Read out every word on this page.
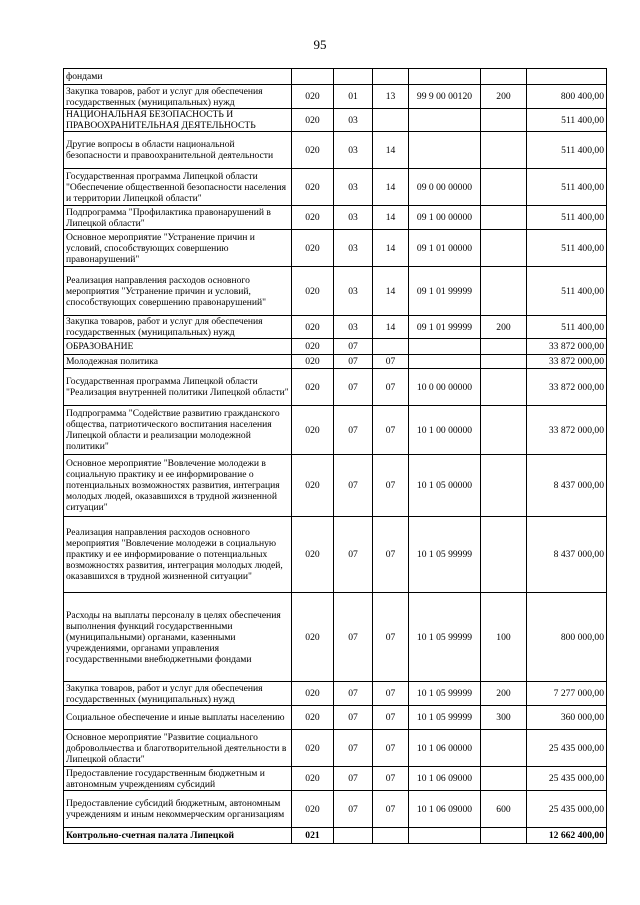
95
фондами						
Закупка товаров, работ и услуг для обеспечения государственных (муниципальных) нужд	020	01	13	99 9 00 00120	200	800 400,00
НАЦИОНАЛЬНАЯ БЕЗОПАСНОСТЬ И ПРАВООХРАНИТЕЛЬНАЯ ДЕЯТЕЛЬНОСТЬ	020	03				511 400,00
Другие вопросы в области национальной безопасности и правоохранительной деятельности	020	03	14			511 400,00
Государственная программа Липецкой области "Обеспечение общественной безопасности населения и территории Липецкой области"	020	03	14	09 0 00 00000		511 400,00
Подпрограмма "Профилактика правонарушений в Липецкой области"	020	03	14	09 1 00 00000		511 400,00
Основное мероприятие "Устранение причин и условий, способствующих совершению правонарушений"	020	03	14	09 1 01 00000		511 400,00
Реализация направления расходов основного мероприятия "Устранение причин и условий, способствующих совершению правонарушений"	020	03	14	09 1 01 99999		511 400,00
Закупка товаров, работ и услуг для обеспечения государственных (муниципальных) нужд	020	03	14	09 1 01 99999	200	511 400,00
ОБРАЗОВАНИЕ	020	07				33 872 000,00
Молодежная политика	020	07	07			33 872 000,00
Государственная программа Липецкой области "Реализация внутренней политики Липецкой области"	020	07	07	10 0 00 00000		33 872 000,00
Подпрограмма "Содействие развитию гражданского общества, патриотического воспитания населения Липецкой области и реализации молодежной политики"	020	07	07	10 1 00 00000		33 872 000,00
Основное мероприятие "Вовлечение молодежи в социальную практику и ее информирование о потенциальных возможностях развития, интеграция молодых людей, оказавшихся в трудной жизненной ситуации"	020	07	07	10 1 05 00000		8 437 000,00
Реализация направления расходов основного мероприятия "Вовлечение молодежи в социальную практику и ее информирование о потенциальных возможностях развития, интеграция молодых людей, оказавшихся в трудной жизненной ситуации"	020	07	07	10 1 05 99999		8 437 000,00
Расходы на выплаты персоналу в целях обеспечения выполнения функций государственными (муниципальными) органами, казенными учреждениями, органами управления государственными внебюджетными фондами	020	07	07	10 1 05 99999	100	800 000,00
Закупка товаров, работ и услуг для обеспечения государственных (муниципальных) нужд	020	07	07	10 1 05 99999	200	7 277 000,00
Социальное обеспечение и иные выплаты населению	020	07	07	10 1 05 99999	300	360 000,00
Основное мероприятие "Развитие социального добровольчества и благотворительной деятельности в Липецкой области"	020	07	07	10 1 06 00000		25 435 000,00
Предоставление государственным бюджетным и автономным учреждениям субсидий	020	07	07	10 1 06 09000		25 435 000,00
Предоставление субсидий бюджетным, автономным учреждениям и иным некоммерческим организациям	020	07	07	10 1 06 09000	600	25 435 000,00
Контрольно-счетная палата Липецкой	021					12 662 400,00
